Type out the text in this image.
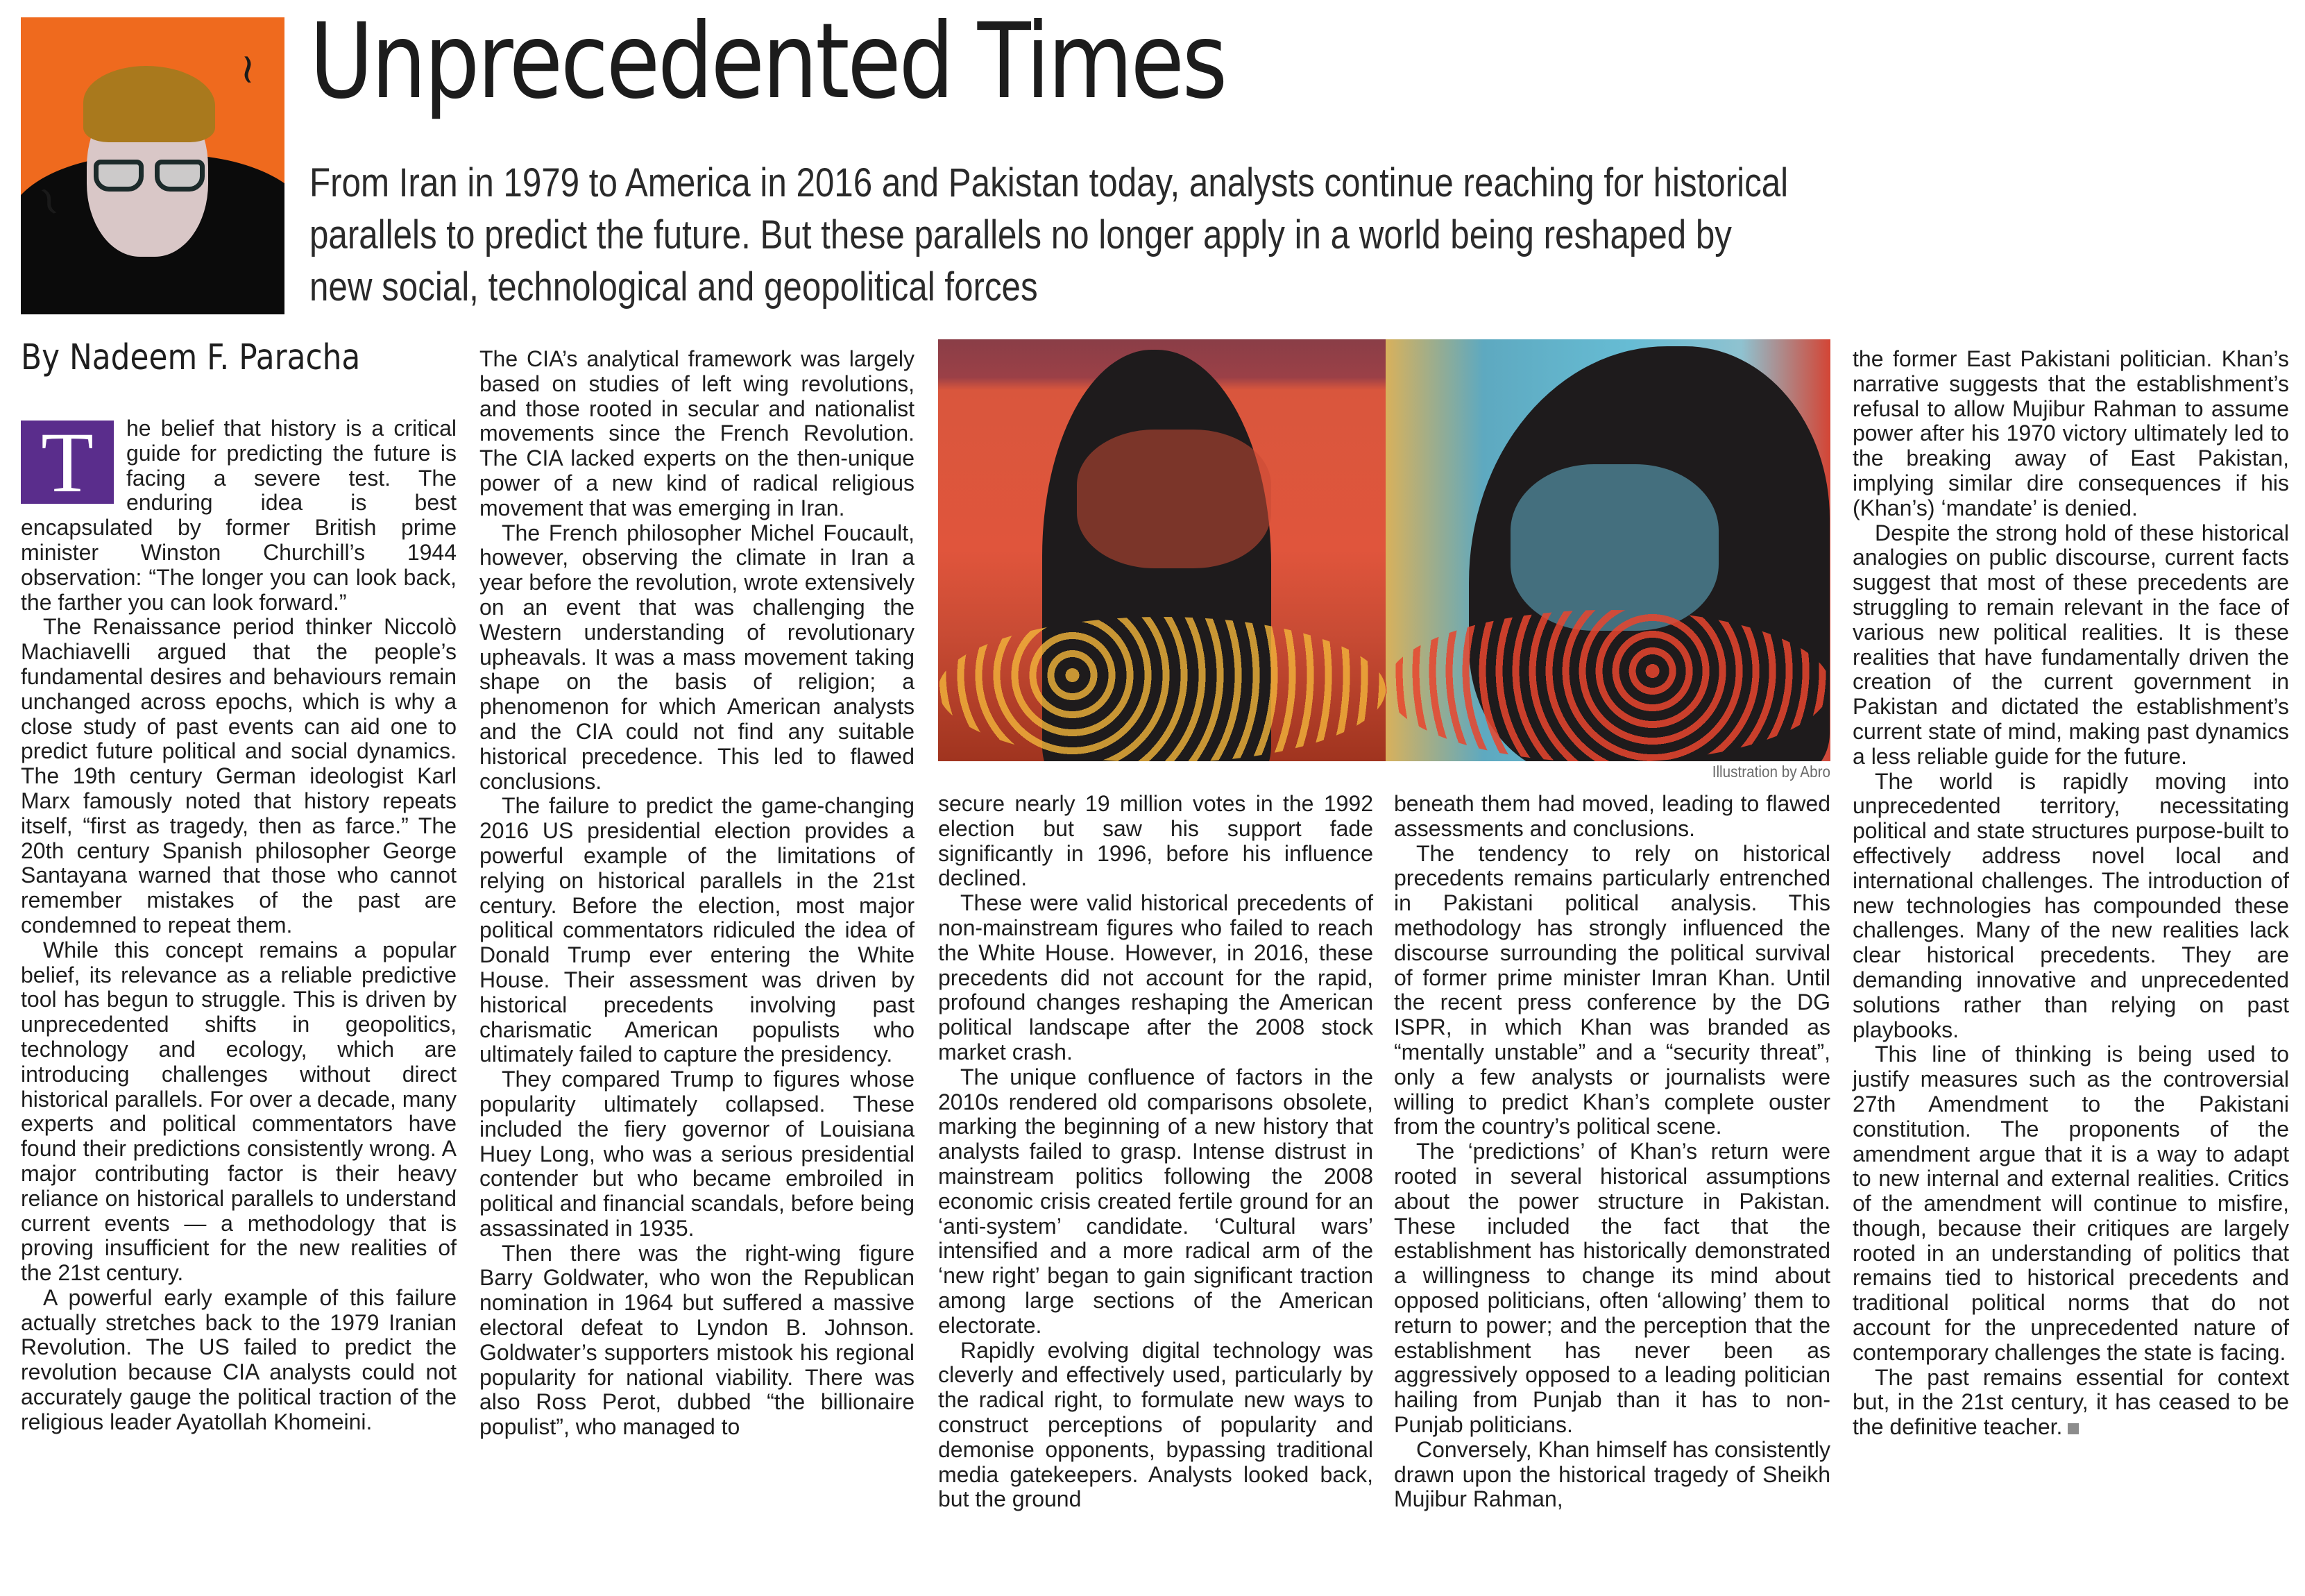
~
~
Unprecedented Times
From Iran in 1979 to America in 2016 and Pakistan today, analysts continue reaching for historical
parallels to predict the future. But these parallels no longer apply in a world being reshaped by
new social, technological and geopolitical forces
By Nadeem F. Paracha

T	he belief that history is a critical guide for predicting the future is facing a severe test. The enduring idea is best encapsulated by former British prime minister Winston Churchill’s 1944 observation: “The longer you can look back, the farther you can look forward.”

The Renaissance period thinker Niccolò Machiavelli argued that the people’s fundamental desires and behaviours remain unchanged across epochs, which is why a close study of past events can aid one to predict future political and social dynamics. The 19th century German ideologist Karl Marx famously noted that history repeats itself, “first as tragedy, then as farce.” The 20th century Spanish philosopher George Santayana warned that those who cannot remember mistakes of the past are condemned to repeat them.

While this concept remains a popular belief, its relevance as a reliable predictive tool has begun to struggle. This is driven by unprecedented shifts in geopolitics, technology and ecology, which are introducing challenges without direct historical parallels. For over a decade, many experts and political commentators have found their predictions consistently wrong. A major contributing factor is their heavy reliance on historical parallels to understand current events — a methodology that is proving insufficient for the new realities of the 21st century.

A powerful early example of this failure actually stretches back to the 1979 Iranian Revolution. The US failed to predict the revolution because CIA analysts could not accurately gauge the political traction of the religious leader Ayatollah Khomeini.

The CIA’s analytical framework was largely based on studies of left wing revolutions, and those rooted in secular and nationalist movements since the French Revolution. The CIA lacked experts on the then-unique power of a new kind of radical religious movement that was emerging in Iran.

The French philosopher Michel Foucault, however, observing the climate in Iran a year before the revolution, wrote extensively on an event that was challenging the Western understanding of revolutionary upheavals. It was a mass movement taking shape on the basis of religion; a phenomenon for which American analysts and the CIA could not find any suitable historical precedence. This led to flawed conclusions.

The failure to predict the game-changing 2016 US presidential election provides a powerful example of the limitations of relying on historical parallels in the 21st century. Before the election, most major political commentators ridiculed the idea of Donald Trump ever entering the White House. Their assessment was driven by historical precedents involving past charismatic American populists who ultimately failed to capture the presidency.

They compared Trump to figures whose popularity ultimately collapsed. These included the fiery governor of Louisiana Huey Long, who was a serious presidential contender but who became embroiled in political and financial scandals, before being assassinated in 1935.

Then there was the right-wing figure Barry Goldwater, who won the Republican nomination in 1964 but suffered a massive electoral defeat to Lyndon B. Johnson. Goldwater’s supporters mistook his regional popularity for national viability. There was also Ross Perot, dubbed “the billionaire populist”, who managed to

Illustration by Abro

secure nearly 19 million votes in the 1992 election but saw his support fade significantly in 1996, before his influence declined.

These were valid historical precedents of non-mainstream figures who failed to reach the White House. However, in 2016, these precedents did not account for the rapid, profound changes reshaping the American political landscape after the 2008 stock market crash.

The unique confluence of factors in the 2010s rendered old comparisons obsolete, marking the beginning of a new history that analysts failed to grasp. Intense distrust in mainstream politics following the 2008 economic crisis created fertile ground for an ‘anti-system’ candidate. ‘Cultural wars’ intensified and a more radical arm of the ‘new right’ began to gain significant traction among large sections of the American electorate.

Rapidly evolving digital technology was cleverly and effectively used, particularly by the radical right, to formulate new ways to construct perceptions of popularity and demonise opponents, bypassing traditional media gatekeepers. Analysts looked back, but the ground

beneath them had moved, leading to flawed assessments and conclusions.

The tendency to rely on historical precedents remains particularly entrenched in Pakistani political analysis. This methodology has strongly influenced the discourse surrounding the political survival of former prime minister Imran Khan. Until the recent press conference by the DG ISPR, in which Khan was branded as “mentally unstable” and a “security threat”, only a few analysts or journalists were willing to predict Khan’s complete ouster from the country’s political scene.

The ‘predictions’ of Khan’s return were rooted in several historical assumptions about the power structure in Pakistan. These included the fact that the establishment has historically demonstrated a willingness to change its mind about opposed politicians, often ‘allowing’ them to return to power; and the perception that the establishment has never been as aggressively opposed to a leading politician hailing from Punjab than it has to non-Punjab politicians.

Conversely, Khan himself has consistently drawn upon the historical tragedy of Sheikh Mujibur Rahman,

the former East Pakistani politician. Khan’s narrative suggests that the establishment’s refusal to allow Mujibur Rahman to assume power after his 1970 victory ultimately led to the breaking away of East Pakistan, implying similar dire consequences if his (Khan’s) ‘mandate’ is denied.

Despite the strong hold of these historical analogies on public discourse, current facts suggest that most of these precedents are struggling to remain relevant in the face of various new political realities. It is these realities that have fundamentally driven the creation of the current government in Pakistan and dictated the establishment’s current state of mind, making past dynamics a less reliable guide for the future.

The world is rapidly moving into unprecedented territory, necessitating political and state structures purpose-built to effectively address novel local and international challenges. The introduction of new technologies has compounded these challenges. Many of the new realities lack clear historical precedents. They are demanding innovative and unprecedented solutions rather than relying on past playbooks.

This line of thinking is being used to justify measures such as the controversial 27th Amendment to the Pakistani constitution. The proponents of the amendment argue that it is a way to adapt to new internal and external realities. Critics of the amendment will continue to misfire, though, because their critiques are largely rooted in an understanding of politics that remains tied to historical precedents and traditional political norms that do not account for the unprecedented nature of contemporary challenges the state is facing.

The past remains essential for context but, in the 21st century, it has ceased to be the definitive teacher.
